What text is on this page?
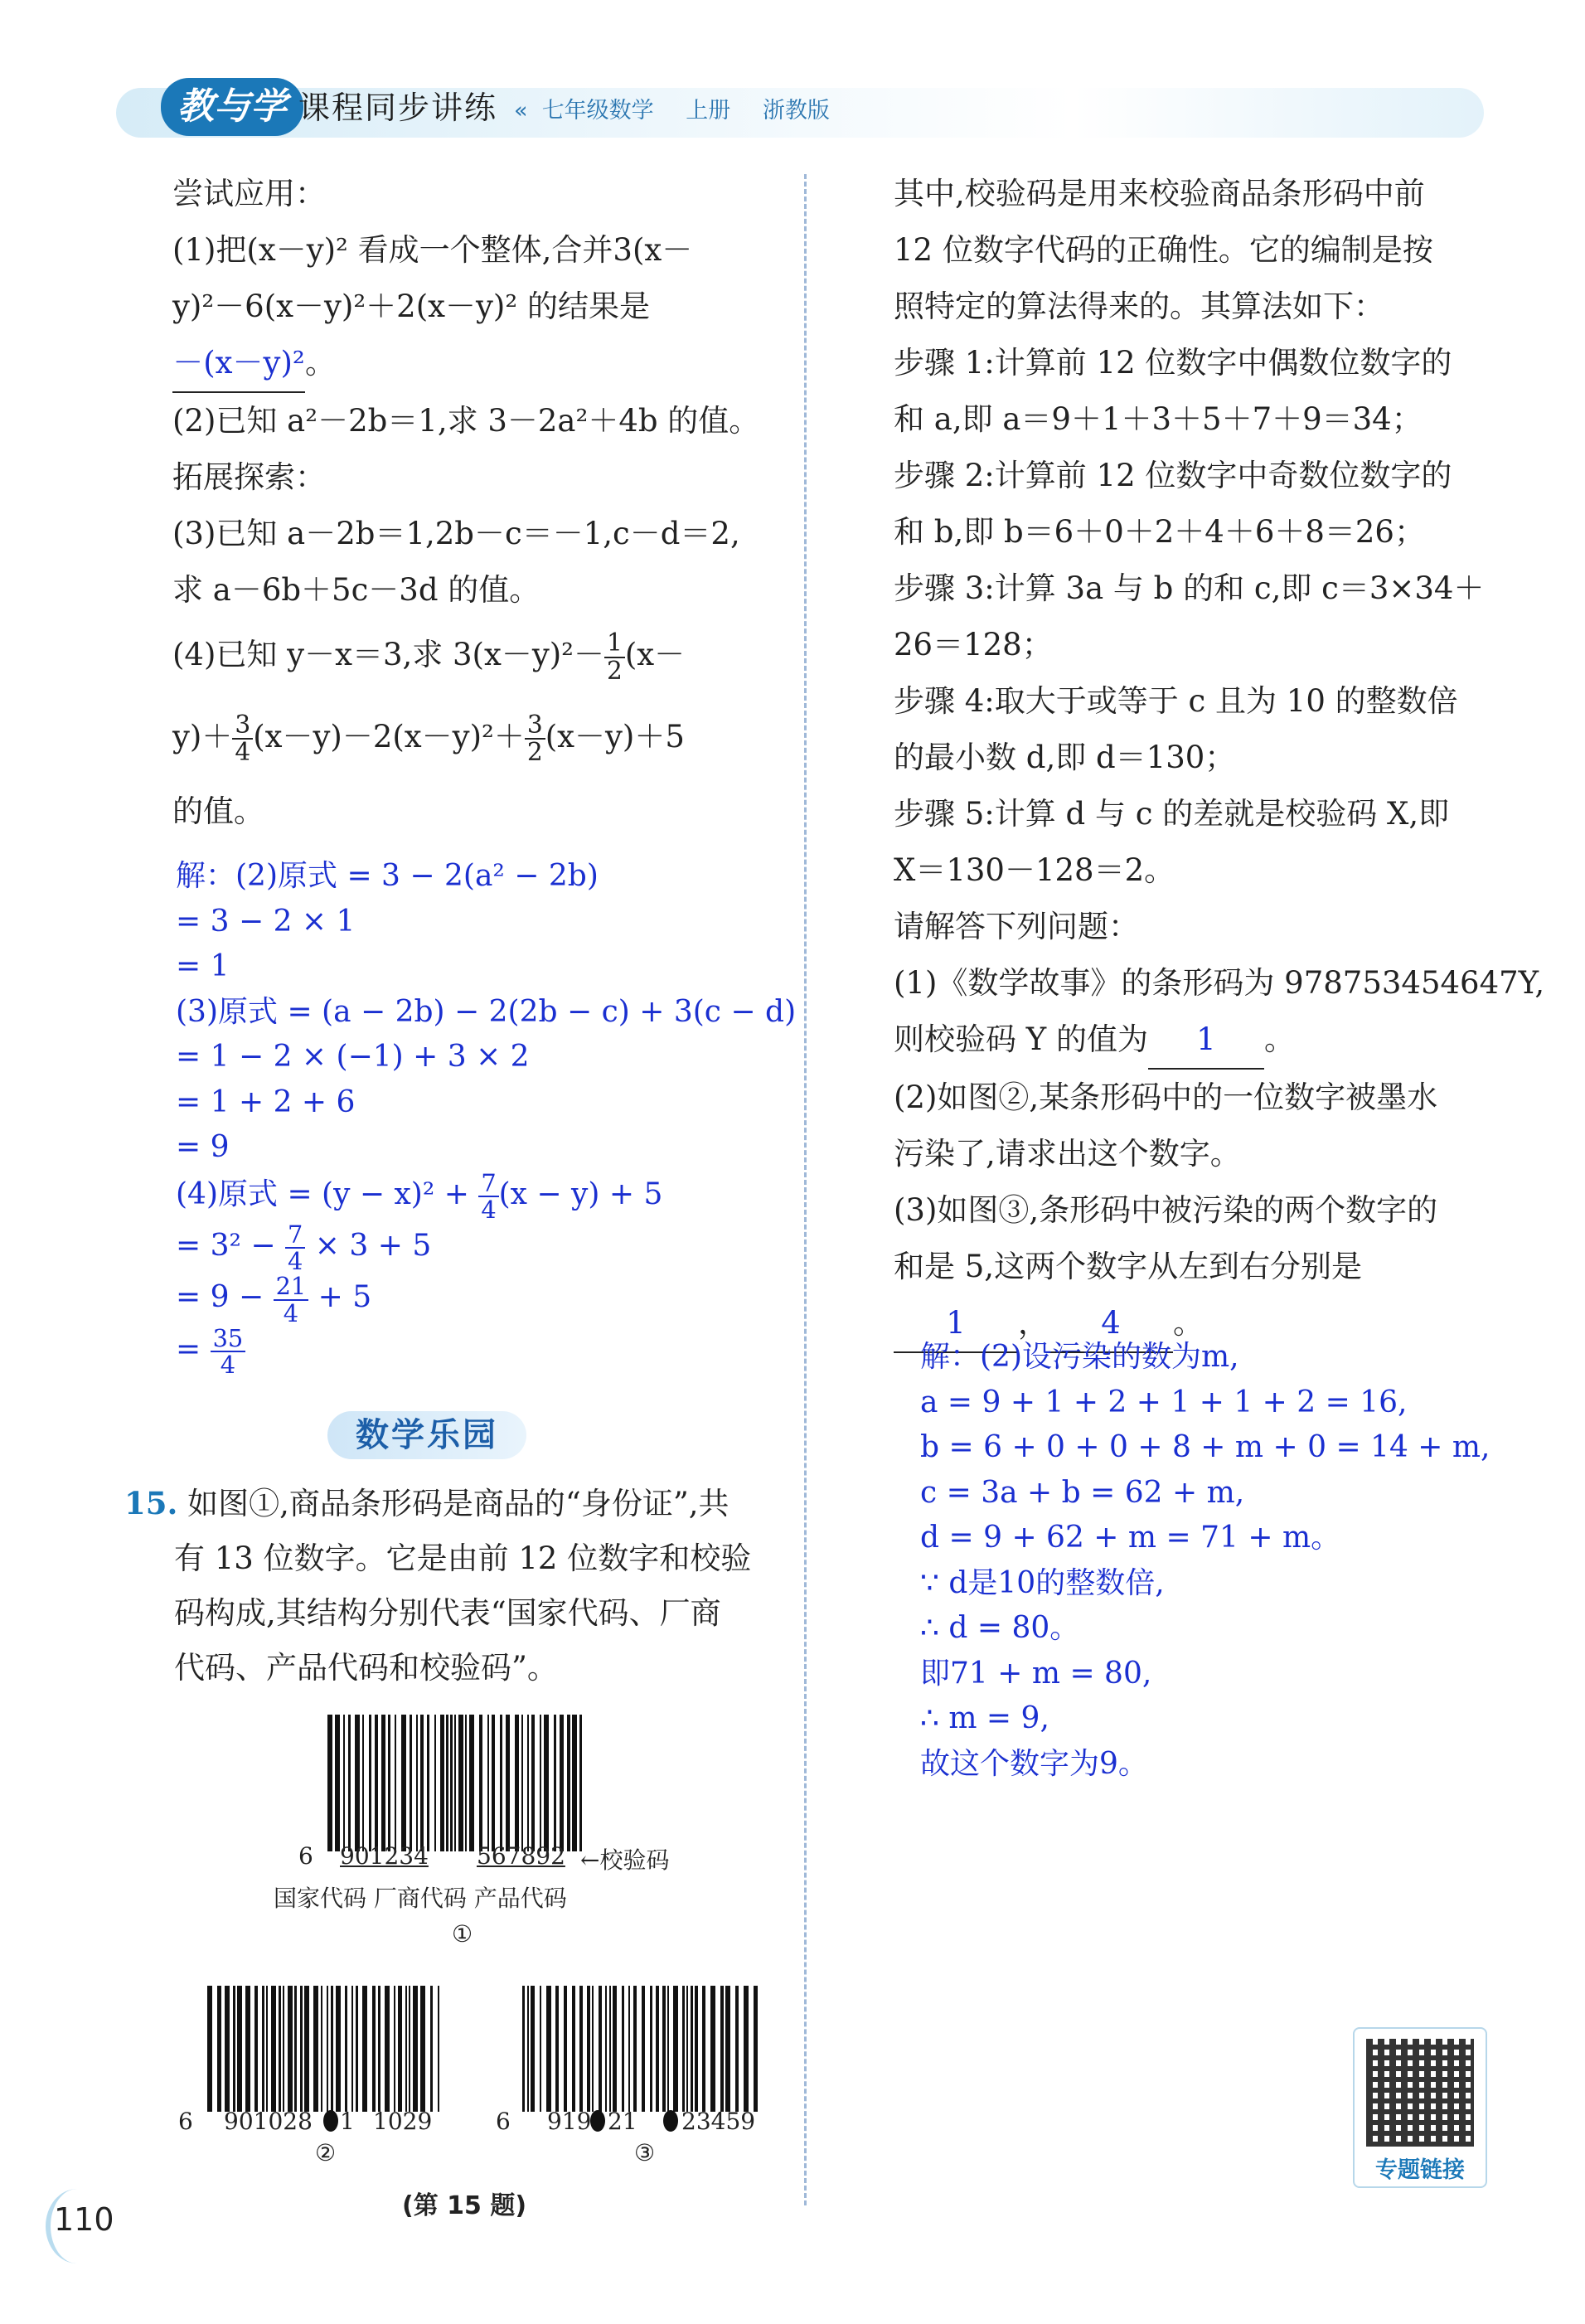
教与学 课程同步讲练 «  七年级数学 上册 浙教版
尝试应用：
(1)把(x－y)² 看成一个整体,合并3(x－
y)²－6(x－y)²＋2(x－y)² 的结果是
－(x－y)²。
(2)已知 a²－2b＝1,求 3－2a²＋4b 的值。
拓展探索：
(3)已知 a－2b＝1,2b－c＝－1,c－d＝2,
求 a－6b＋5c－3d 的值。
(4)已知 y－x＝3,求 $3(x-y)^2- \frac{1}{2} (x-$
$y)+ \frac{3}{4} (x-y)-2(x-y)^2+ \frac{3}{2} (x-y)+5$
的值。
解：(2)原式 = 3 − 2(a² − 2b)
= 3 − 2 × 1
= 1
(3)原式 = (a − 2b) − 2(2b − c) + 3(c − d)
= 1 − 2 × (−1) + 3 × 2
= 1 + 2 + 6
= 9
(4)原式 = $(y - x)^2 + \frac{7}{4} (x - y) + 5$
= $3^2 - \frac{7}{4} \times 3 + 5$
= $9 - \frac{21}{4} + 5$
= $\frac{35}{4}$
数学乐园
15. 如图①,商品条形码是商品的“身份证”,共
有 13 位数字。它是由前 12 位数字和校验
码构成,其结构分别代表“国家代码、厂商
代码、产品代码和校验码”。
6 901234 567892 ←校验码
国家代码 厂商代码 产品代码
①
6 901028 1 1029
②
6 919 21 23459
③
(第 15 题)
其中,校验码是用来校验商品条形码中前
12 位数字代码的正确性。它的编制是按
照特定的算法得来的。其算法如下：
步骤 1:计算前 12 位数字中偶数位数字的
和 a,即 a＝9＋1＋3＋5＋7＋9＝34；
步骤 2:计算前 12 位数字中奇数位数字的
和 b,即 b＝6＋0＋2＋4＋6＋8＝26；
步骤 3:计算 3a 与 b 的和 c,即 c＝3×34＋
26＝128；
步骤 4:取大于或等于 c 且为 10 的整数倍
的最小数 d,即 d＝130；
步骤 5:计算 d 与 c 的差就是校验码 X,即
X＝130－128＝2。
请解答下列问题：
(1)《数学故事》的条形码为 978753454647Y,
则校验码 Y 的值为 1 。
(2)如图②,某条形码中的一位数字被墨水
污染了,请求出这个数字。
(3)如图③,条形码中被污染的两个数字的
和是 5,这两个数字从左到右分别是
1 ， 4 。
解：(2)设污染的数为m,
a = 9 + 1 + 2 + 1 + 1 + 2 = 16,
b = 6 + 0 + 0 + 8 + m + 0 = 14 + m,
c = 3a + b = 62 + m,
d = 9 + 62 + m = 71 + m。
∵ d是10的整数倍,
∴ d = 80。
即71 + m = 80,
∴ m = 9,
故这个数字为9。
专题链接
110
